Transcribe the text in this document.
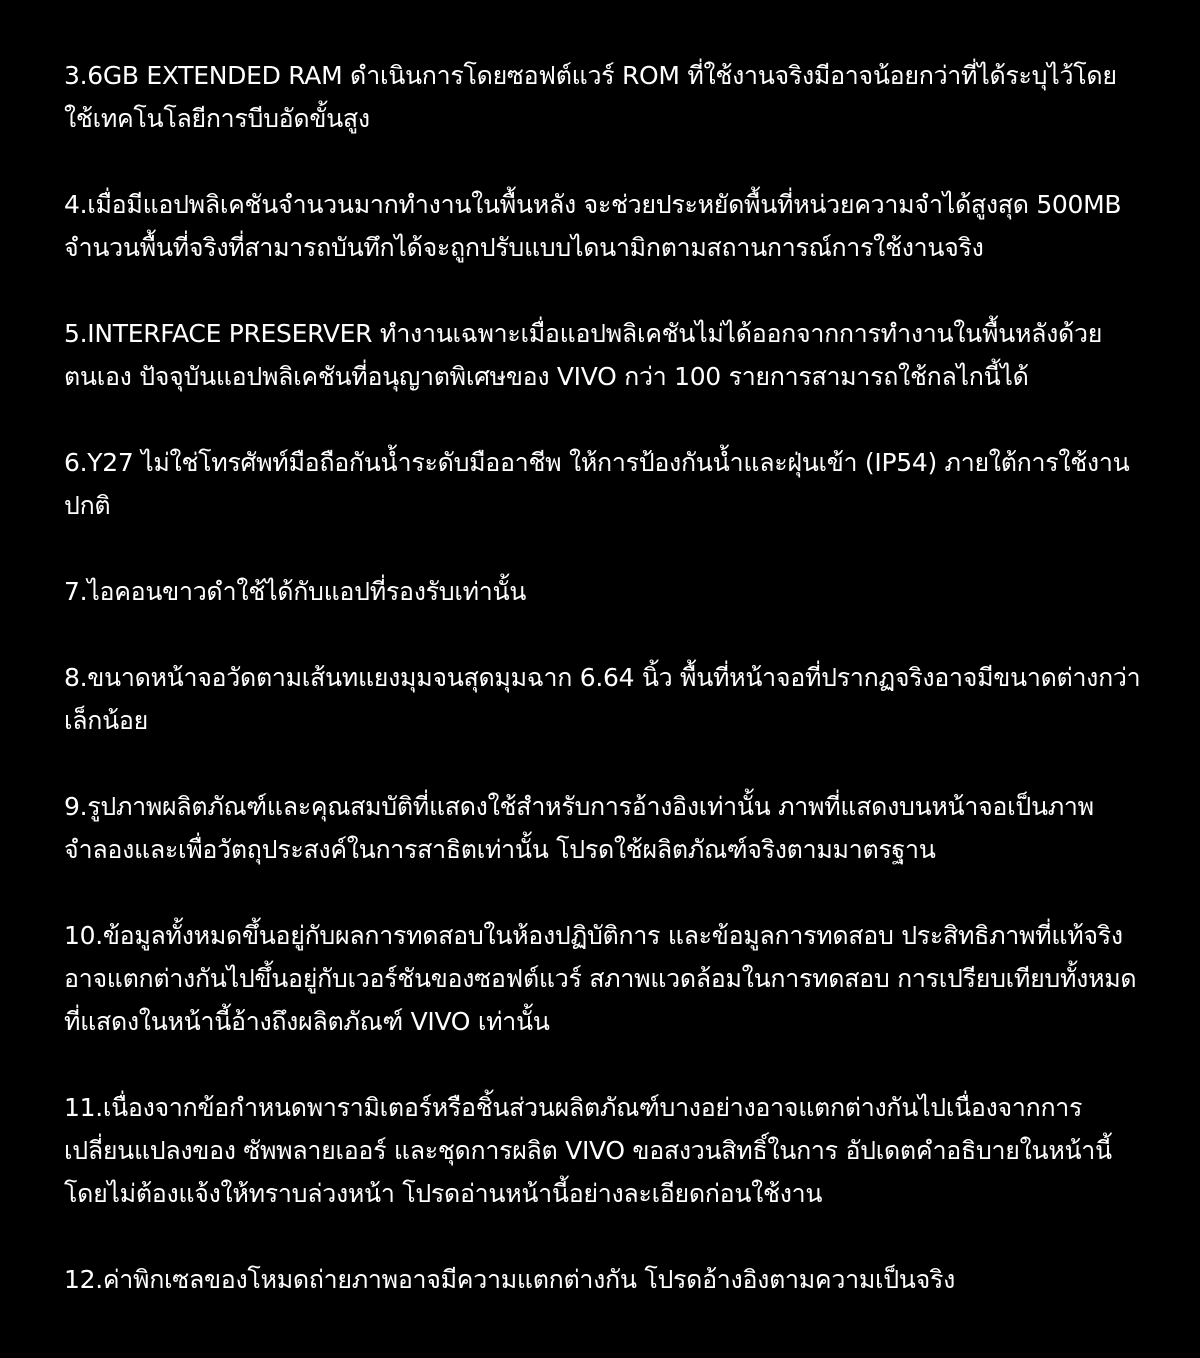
3.6GB EXTENDED RAM ดำเนินการโดยซอฟต์แวร์ ROM ที่ใช้งานจริงมีอาจน้อยกว่าที่ได้ระบุไว้โดยใช้เทคโนโลยีการบีบอัดขั้นสูง
4.เมื่อมีแอปพลิเคชันจำนวนมากทำงานในพื้นหลัง จะช่วยประหยัดพื้นที่หน่วยความจำได้สูงสุด 500MB จำนวนพื้นที่จริงที่สามารถบันทึกได้จะถูกปรับแบบไดนามิกตามสถานการณ์การใช้งานจริง
5.INTERFACE PRESERVER ทำงานเฉพาะเมื่อแอปพลิเคชันไม่ได้ออกจากการทำงานในพื้นหลังด้วยตนเอง ปัจจุบันแอปพลิเคชันที่อนุญาตพิเศษของ VIVO กว่า 100 รายการสามารถใช้กลไกนี้ได้
6.Y27 ไม่ใช่โทรศัพท์มือถือกันน้ำระดับมืออาชีพ ให้การป้องกันน้ำและฝุ่นเข้า (IP54) ภายใต้การใช้งานปกติ
7.ไอคอนขาวดำใช้ได้กับแอปที่รองรับเท่านั้น
8.ขนาดหน้าจอวัดตามเส้นทแยงมุมจนสุดมุมฉาก 6.64 นิ้ว พื้นที่หน้าจอที่ปรากฏจริงอาจมีขนาดต่างกว่าเล็กน้อย
9.รูปภาพผลิตภัณฑ์และคุณสมบัติที่แสดงใช้สำหรับการอ้างอิงเท่านั้น ภาพที่แสดงบนหน้าจอเป็นภาพจำลองและเพื่อวัตถุประสงค์ในการสาธิตเท่านั้น โปรดใช้ผลิตภัณฑ์จริงตามมาตรฐาน
10.ข้อมูลทั้งหมดขึ้นอยู่กับผลการทดสอบในห้องปฏิบัติการ และข้อมูลการทดสอบ ประสิทธิภาพที่แท้จริงอาจแตกต่างกันไปขึ้นอยู่กับเวอร์ชันของซอฟต์แวร์ สภาพแวดล้อมในการทดสอบ การเปรียบเทียบทั้งหมดที่แสดงในหน้านี้อ้างถึงผลิตภัณฑ์ VIVO เท่านั้น
11.เนื่องจากข้อกำหนดพารามิเตอร์หรือชิ้นส่วนผลิตภัณฑ์บางอย่างอาจแตกต่างกันไปเนื่องจากการเปลี่ยนแปลงของ ซัพพลายเออร์ และชุดการผลิต VIVO ขอสงวนสิทธิ์ในการ อัปเดตคำอธิบายในหน้านี้โดยไม่ต้องแจ้งให้ทราบล่วงหน้า โปรดอ่านหน้านี้อย่างละเอียดก่อนใช้งาน
12.ค่าพิกเซลของโหมดถ่ายภาพอาจมีความแตกต่างกัน โปรดอ้างอิงตามความเป็นจริง
